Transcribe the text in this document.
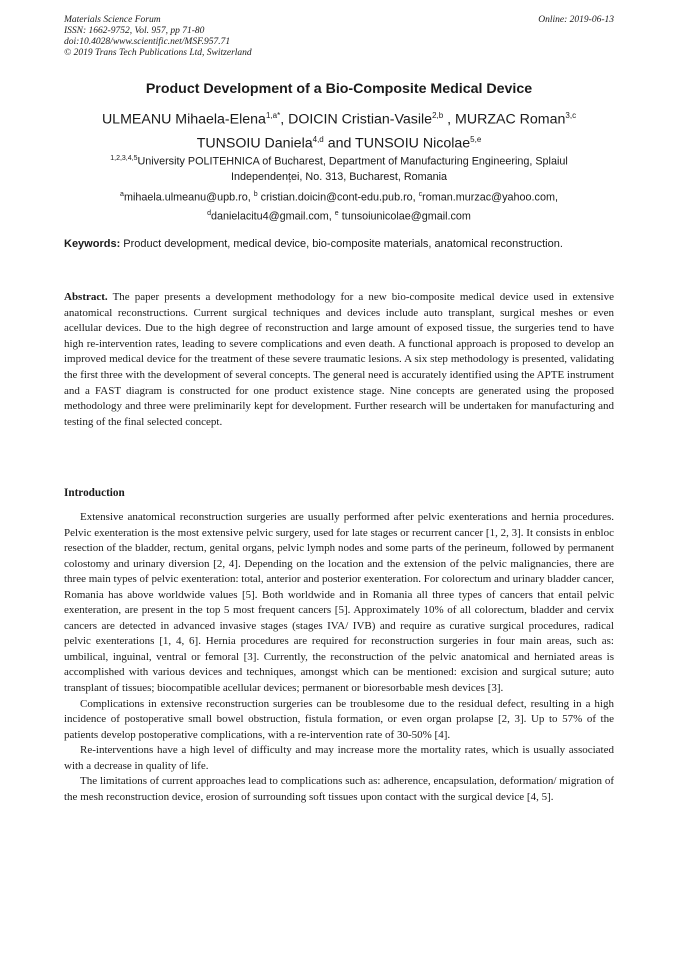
Materials Science Forum
ISSN: 1662-9752, Vol. 957, pp 71-80
doi:10.4028/www.scientific.net/MSF.957.71
© 2019 Trans Tech Publications Ltd, Switzerland
Online: 2019-06-13
Product Development of a Bio-Composite Medical Device
ULMEANU Mihaela-Elena$^{1,a*}$, DOICIN Cristian-Vasile$^{2,b}$ , MURZAC Roman$^{3,c}$
TUNSOIU Daniela$^{4,d}$ and TUNSOIU Nicolae$^{5,e}$
$^{1,2,3,4,5}$University POLITEHNICA of Bucharest, Department of Manufacturing Engineering, Splaiul
Independenței, No. 313, Bucharest, Romania
$^a$mihaela.ulmeanu@upb.ro, $^b$ cristian.doicin@cont-edu.pub.ro, $^c$roman.murzac@yahoo.com,
$^d$danielacitu4@gmail.com, $^e$ tunsoiunicolae@gmail.com
Keywords: Product development, medical device, bio-composite materials, anatomical reconstruction.
Abstract. The paper presents a development methodology for a new bio-composite medical device used in extensive anatomical reconstructions. Current surgical techniques and devices include auto transplant, surgical meshes or even acellular devices. Due to the high degree of reconstruction and large amount of exposed tissue, the surgeries tend to have high re-intervention rates, leading to severe complications and even death. A functional approach is proposed to develop an improved medical device for the treatment of these severe traumatic lesions. A six step methodology is presented, validating the first three with the development of several concepts. The general need is accurately identified using the APTE instrument and a FAST diagram is constructed for one product existence stage. Nine concepts are generated using the proposed methodology and three were preliminarily kept for development. Further research will be undertaken for manufacturing and testing of the final selected concept.
Introduction

Extensive anatomical reconstruction surgeries are usually performed after pelvic exenterations and hernia procedures. Pelvic exenteration is the most extensive pelvic surgery, used for late stages or recurrent cancer [1, 2, 3]. It consists in enbloc resection of the bladder, rectum, genital organs, pelvic lymph nodes and some parts of the perineum, followed by permanent colostomy and urinary diversion [2, 4]. Depending on the location and the extension of the pelvic malignancies, there are three main types of pelvic exenteration: total, anterior and posterior exenteration. For colorectum and urinary bladder cancer, Romania has above worldwide values [5]. Both worldwide and in Romania all three types of cancers that entail pelvic exenteration, are present in the top 5 most frequent cancers [5]. Approximately 10% of all colorectum, bladder and cervix cancers are detected in advanced invasive stages (stages IVA/ IVB) and require as curative surgical procedures, radical pelvic exenterations [1, 4, 6]. Hernia procedures are required for reconstruction surgeries in four main areas, such as: umbilical, inguinal, ventral or femoral [3]. Currently, the reconstruction of the pelvic anatomical and herniated areas is accomplished with various devices and techniques, amongst which can be mentioned: excision and surgical suture; auto transplant of tissues; biocompatible acellular devices; permanent or bioresorbable mesh devices [3].

Complications in extensive reconstruction surgeries can be troublesome due to the residual defect, resulting in a high incidence of postoperative small bowel obstruction, fistula formation, or even organ prolapse [2, 3]. Up to 57% of the patients develop postoperative complications, with a re-intervention rate of 30-50% [4].

Re-interventions have a high level of difficulty and may increase more the mortality rates, which is usually associated with a decrease in quality of life.

The limitations of current approaches lead to complications such as: adherence, encapsulation, deformation/ migration of the mesh reconstruction device, erosion of surrounding soft tissues upon contact with the surgical device [4, 5].
